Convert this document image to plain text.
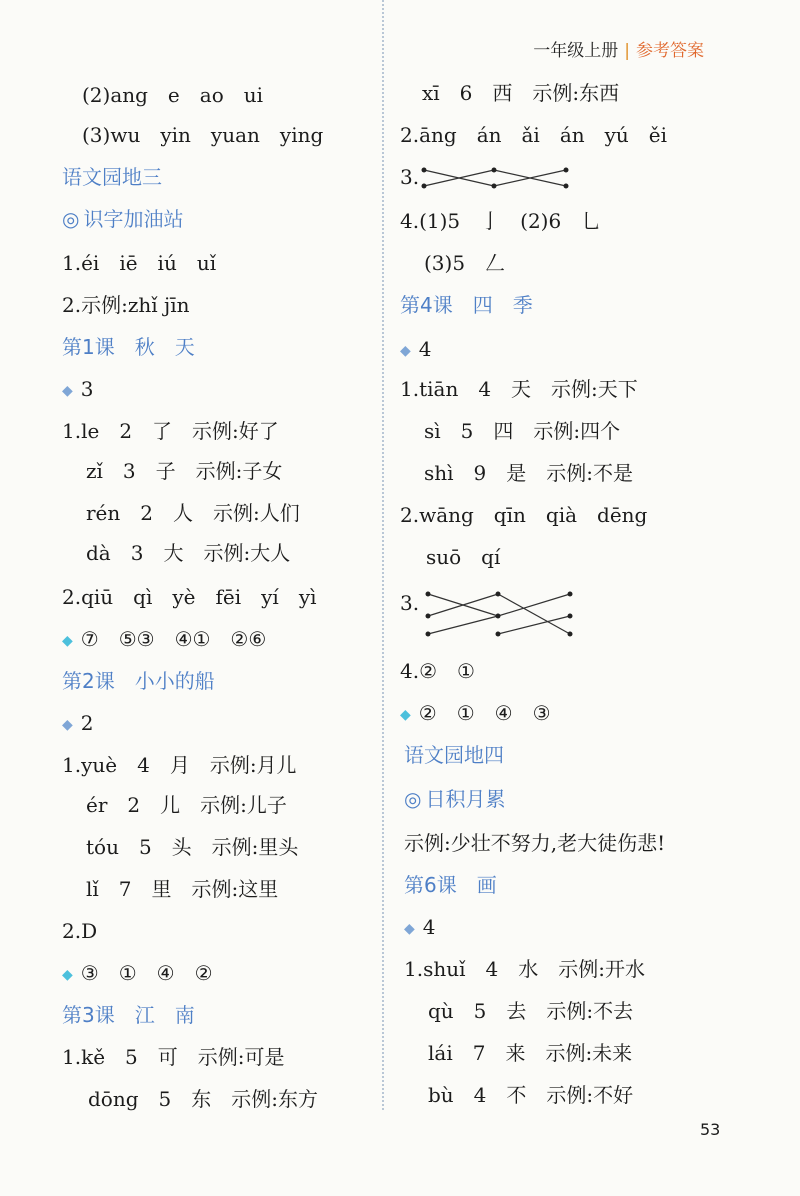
一年级上册 | 参考答案
(2)ang　e　ao　ui
(3)wu　yin　yuan　ying
语文园地三
◎ 识字加油站
1.éi　iē　iú　uǐ
2.示例:zhǐ jīn
第1课　秋　天
◆ 3
1.le　2　了　示例:好了
zǐ　3　子　示例:子女
rén　2　人　示例:人们
dà　3　大　示例:大人
2.qiū　qì　yè　fēi　yí　yì
◆ ⑦　⑤③　④①　②⑥
第2课　小小的船
◆ 2
1.yuè　4　月　示例:月儿
ér　2　儿　示例:儿子
tóu　5　头　示例:里头
lǐ　7　里　示例:这里
2.D
◆ ③　①　④　②
第3课　江　南
1.kě　5　可　示例:可是
dōng　5　东　示例:东方
xī　6　西　示例:东西
2.āng　án　ǎi　án　yú　ěi
3.
4.(1)5　亅　(2)6　乚
(3)5　𠃋
第4课　四　季
◆ 4
1.tiān　4　天　示例:天下
sì　5　四　示例:四个
shì　9　是　示例:不是
2.wāng　qīn　qià　dēng
suō　qí
3.
4.②　①
◆ ②　①　④　③
语文园地四
◎ 日积月累
示例:少壮不努力,老大徒伤悲!
第6课　画
◆ 4
1.shuǐ　4　水　示例:开水
qù　5　去　示例:不去
lái　7　来　示例:未来
bù　4　不　示例:不好
53
